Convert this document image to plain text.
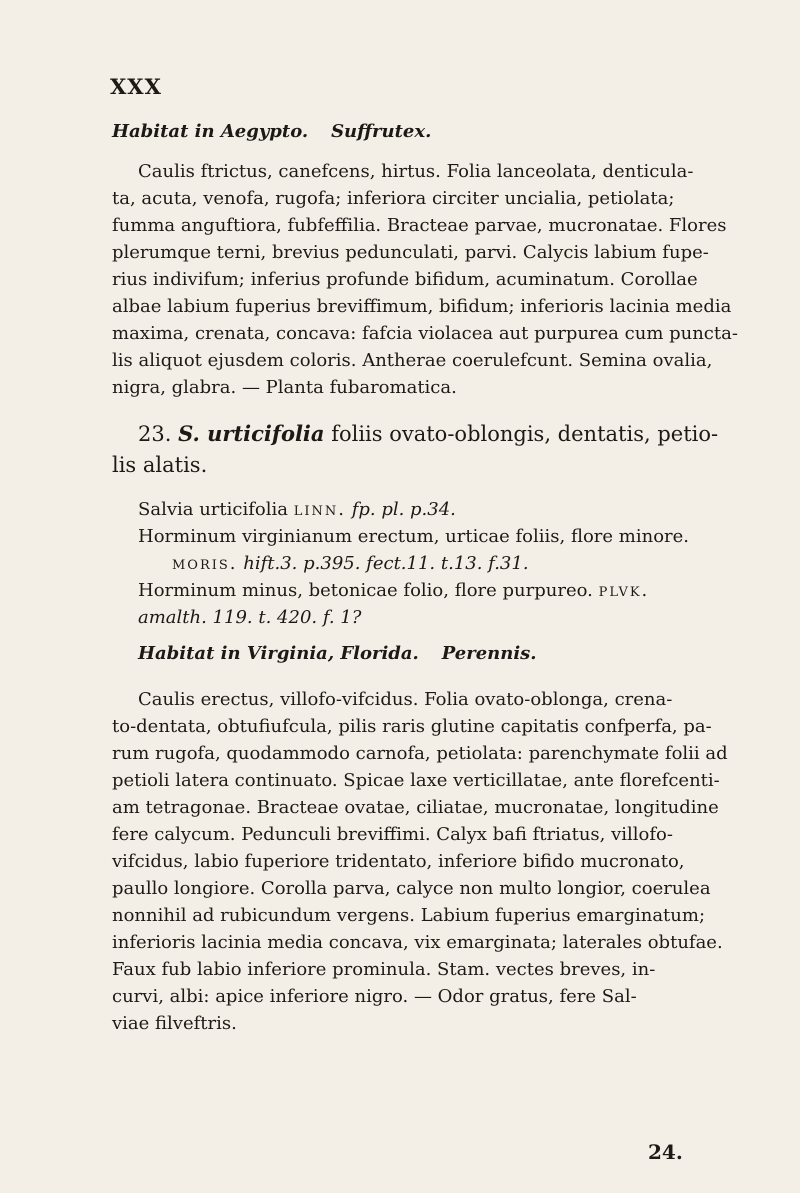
XXX
Habitat in Aegypto. Suffrutex.
Caulis ftrictus, canefcens, hirtus. Folia lanceolata, denticula-
ta, acuta, venofa, rugofa; inferiora circiter uncialia, petiolata;
fumma anguftiora, fubfeffilia. Bracteae parvae, mucronatae. Flores
plerumque terni, brevius pedunculati, parvi. Calycis labium fupe-
rius indivifum; inferius profunde bifidum, acuminatum. Corollae
albae labium fuperius breviffimum, bifidum; inferioris lacinia media
maxima, crenata, concava: fafcia violacea aut purpurea cum puncta-
lis aliquot ejusdem coloris. Antherae coerulefcunt. Semina ovalia,
nigra, glabra. — Planta fubaromatica.
23. S. urticifolia foliis ovato-oblongis, dentatis, petio-
lis alatis.
Salvia urticifolia linn. fp. pl. p.34.
Horminum virginianum erectum, urticae foliis, flore minore.
moris. hift.3. p.395. fect.11. t.13. f.31.
Horminum minus, betonicae folio, flore purpureo. plvk.
amalth. 119. t. 420. f. 1?
Habitat in Virginia, Florida. Perennis.
Caulis erectus, villofo-vifcidus. Folia ovato-oblonga, crena-
to-dentata, obtufiufcula, pilis raris glutine capitatis confperfa, pa-
rum rugofa, quodammodo carnofa, petiolata: parenchymate folii ad
petioli latera continuato. Spicae laxe verticillatae, ante florefcenti-
am tetragonae. Bracteae ovatae, ciliatae, mucronatae, longitudine
fere calycum. Pedunculi breviffimi. Calyx bafi ftriatus, villofo-
vifcidus, labio fuperiore tridentato, inferiore bifido mucronato,
paullo longiore. Corolla parva, calyce non multo longior, coerulea
nonnihil ad rubicundum vergens. Labium fuperius emarginatum;
inferioris lacinia media concava, vix emarginata; laterales obtufae.
Faux fub labio inferiore prominula. Stam. vectes breves, in-
curvi, albi: apice inferiore nigro. — Odor gratus, fere Sal-
viae filveftris.
24.
